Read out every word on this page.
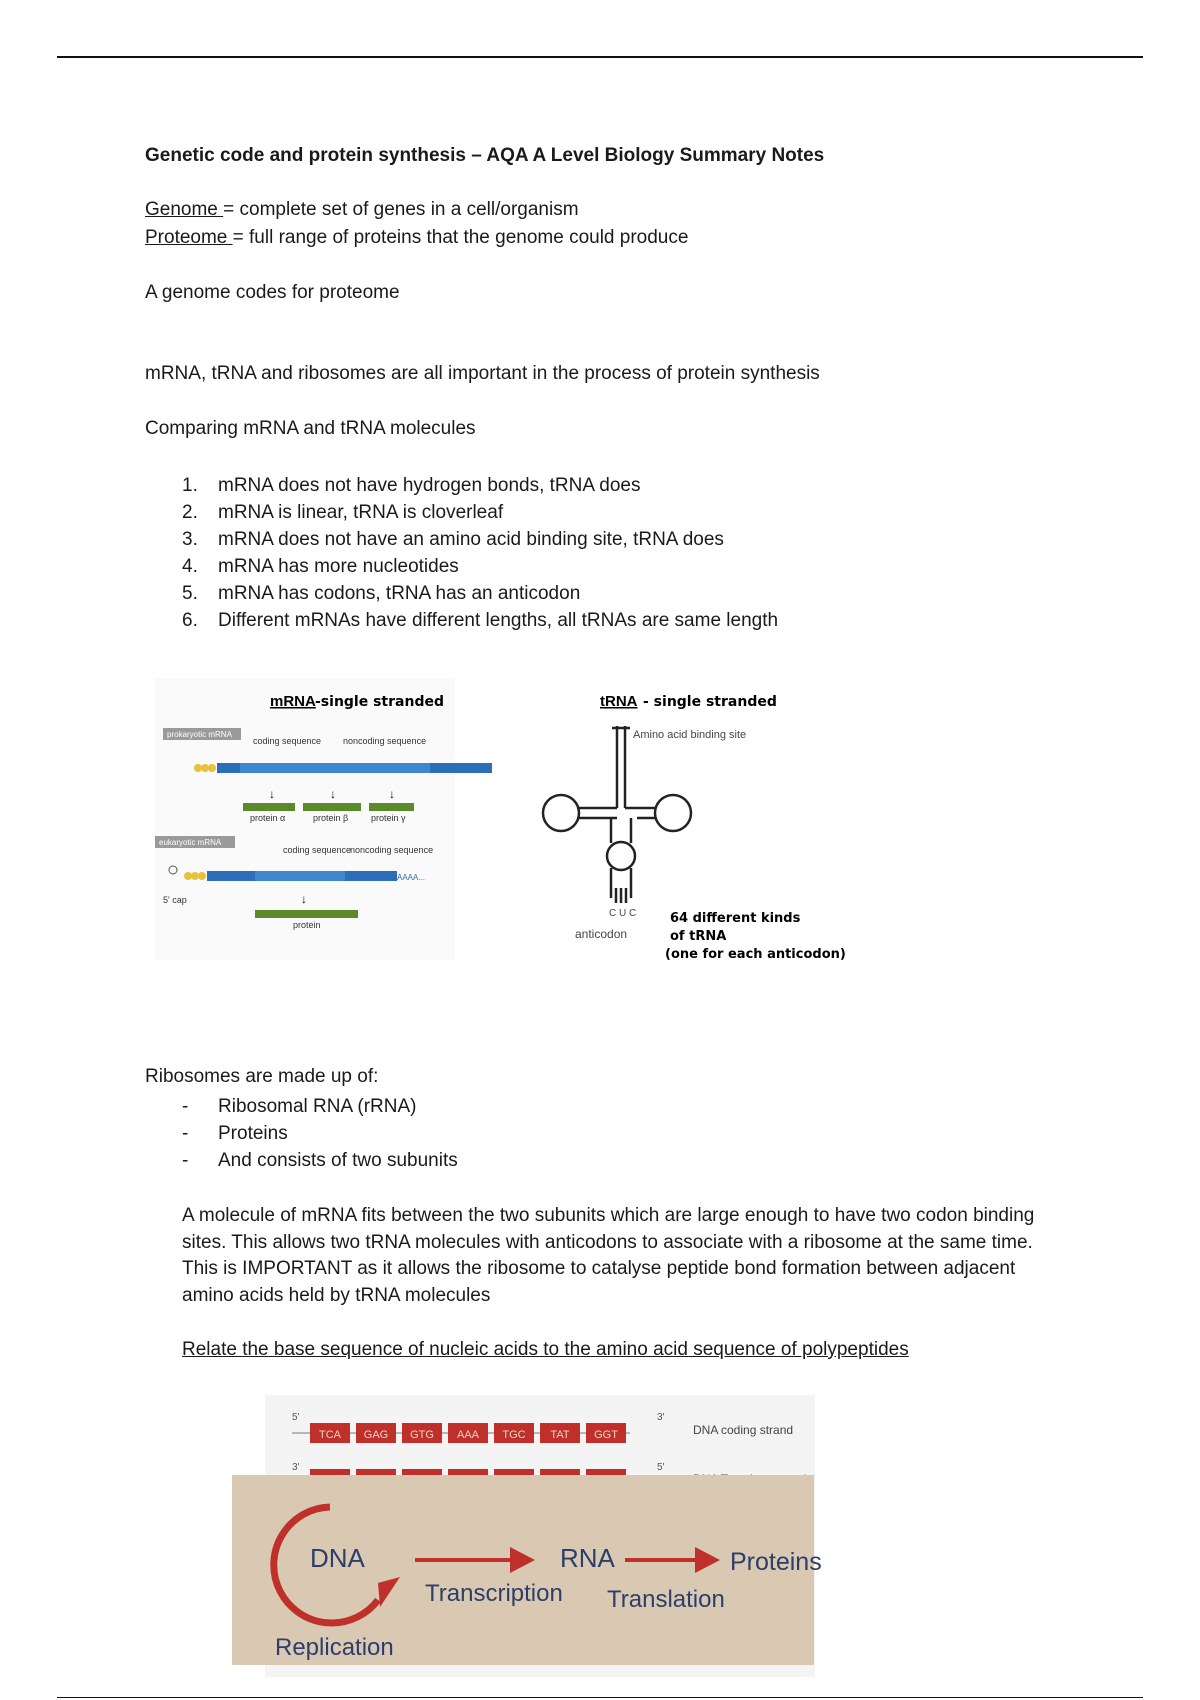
Genetic code and protein synthesis – AQA A Level Biology Summary Notes
Genome = complete set of genes in a cell/organism
Proteome = full range of proteins that the genome could produce
A genome codes for proteome
mRNA, tRNA and ribosomes are all important in the process of protein synthesis
Comparing mRNA and tRNA molecules
1. mRNA does not have hydrogen bonds, tRNA does
2. mRNA is linear, tRNA is cloverleaf
3. mRNA does not have an amino acid binding site, tRNA does
4. mRNA has more nucleotides
5. mRNA has codons, tRNA has an anticodon
6. Different mRNAs have different lengths, all tRNAs are same length
mRNA -single stranded
prokaryotic mRNA
coding sequence noncoding sequence
↓	↓	↓
protein α	protein β	protein γ
eukaryotic mRNA
coding sequence
noncoding sequence
AAAA...
5' cap	↓
protein
tRNA - single stranded
Amino acid binding site
C U C
anticodon
64 different kinds
of tRNA
(one for each anticodon)
Ribosomes are made up of:
- Ribosomal RNA (rRNA)
- Proteins
- And consists of two subunits
A molecule of mRNA fits between the two subunits which are large enough to have two codon binding sites. This allows two tRNA molecules with anticodons to associate with a ribosome at the same time. This is IMPORTANT as it allows the ribosome to catalyse peptide bond formation between adjacent amino acids held by tRNA molecules
Relate the base sequence of nucleic acids to the amino acid sequence of polypeptides
5'
TCA GAG GTG AAA TGC TAT GGT
3'
DNA coding strand
3'	5'
DNA	RNA	Proteins
Transcription Translation
Replication
